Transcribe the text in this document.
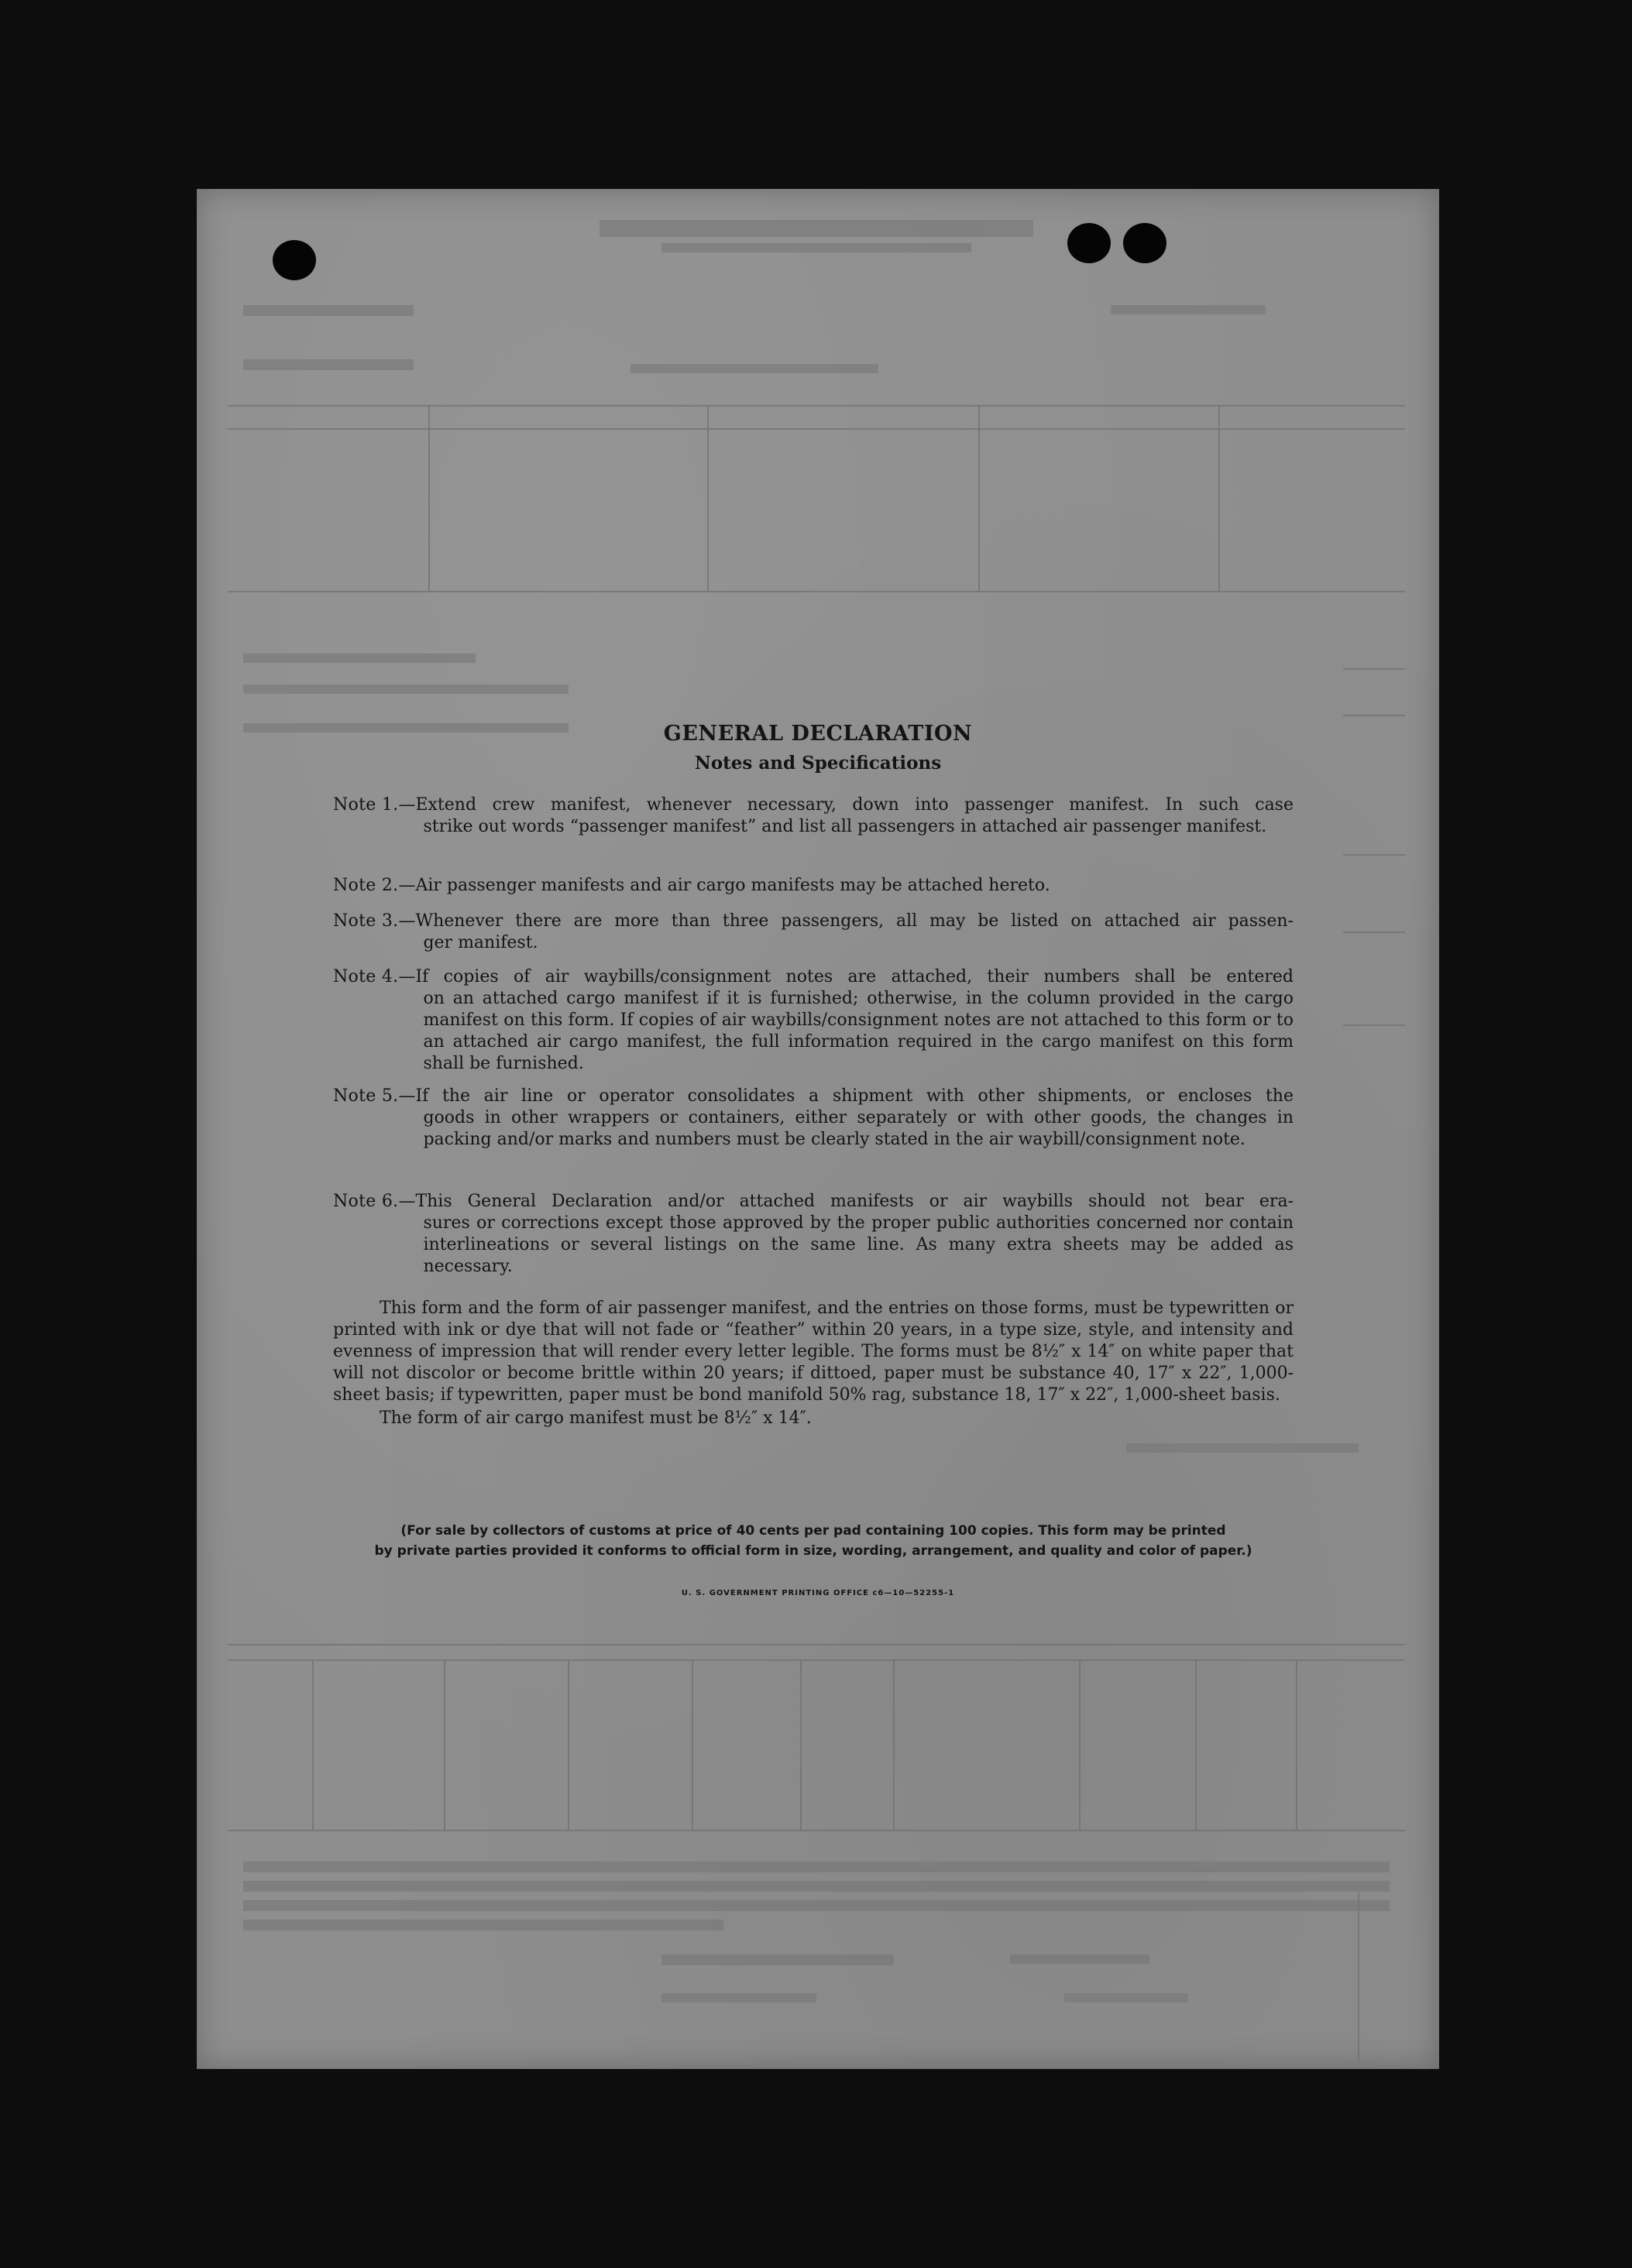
GENERAL DECLARATION
Notes and Specifications
Note 1. —Extend crew manifest, whenever necessary, down into passenger manifest. In such case
strike out words “passenger manifest” and list all passengers in attached air passenger manifest.
Note 2. —Air passenger manifests and air cargo manifests may be attached hereto.
Note 3. —Whenever there are more than three passengers, all may be listed on attached air passen-
ger manifest.
Note 4. —If copies of air waybills/consignment notes are attached, their numbers shall be entered
on an attached cargo manifest if it is furnished; otherwise, in the column provided in the cargo manifest on this form. If copies of air waybills/consignment notes are not attached to this form or to an attached air cargo manifest, the full information required in the cargo manifest on this form shall be furnished.
Note 5. —If the air line or operator consolidates a shipment with other shipments, or encloses the
goods in other wrappers or containers, either separately or with other goods, the changes in packing and/or marks and numbers must be clearly stated in the air waybill/consignment note.
Note 6. —This General Declaration and/or attached manifests or air waybills should not bear era-
sures or corrections except those approved by the proper public authorities concerned nor contain interlineations or several listings on the same line. As many extra sheets may be added as necessary.
This form and the form of air passenger manifest, and the entries on those forms, must be typewritten or printed with ink or dye that will not fade or “feather” within 20 years, in a type size, style, and intensity and evenness of impression that will render every letter legible. The forms must be 8½″ x 14″ on white paper that will not discolor or become brittle within 20 years; if dittoed, paper must be substance 40, 17″ x 22″, 1,000-sheet basis; if typewritten, paper must be bond manifold 50% rag, substance 18, 17″ x 22″, 1,000-sheet basis.
The form of air cargo manifest must be 8½″ x 14″.
(For sale by collectors of customs at price of 40 cents per pad containing 100 copies. This form may be printed
by private parties provided it conforms to official form in size, wording, arrangement, and quality and color of paper.)
U. S. GOVERNMENT PRINTING OFFICE c6—10—52255-1
